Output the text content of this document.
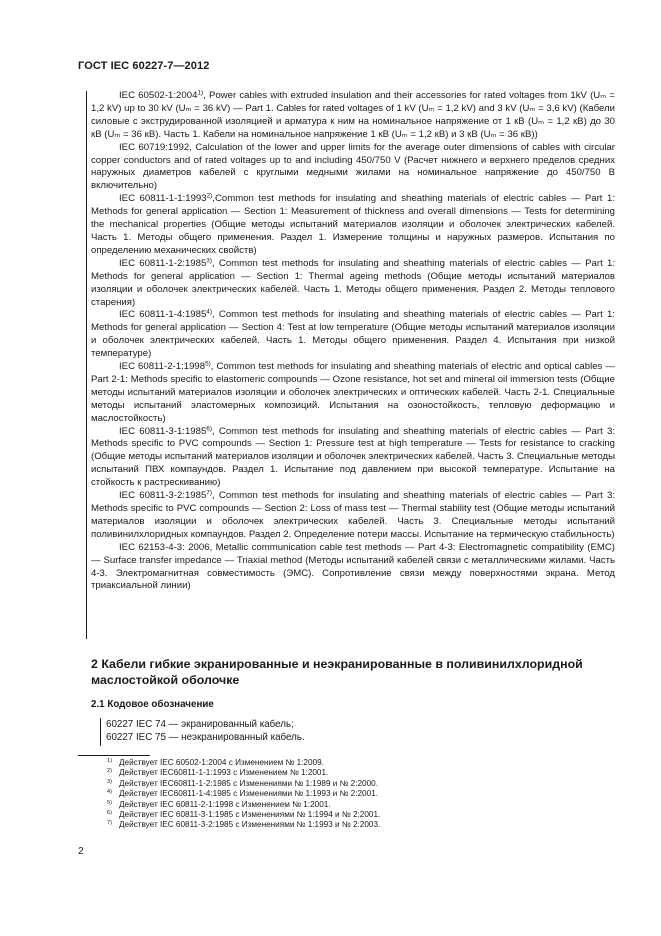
ГОСТ IEC 60227-7—2012

IEC 60502-1:2004$^{1)}$, Power cables with extruded insulation and their accessories for rated voltages from 1kV (Uₘ = 1,2 kV) up to 30 kV (Uₘ = 36 kV) — Part 1. Cables for rated voltages of 1 kV (Uₘ = 1,2 kV) and 3 kV (Uₘ = 3,6 kV) (Кабели силовые с экструдированной изоляцией и арматура к ним на номинальное напряжение от 1 кВ (Uₘ = 1,2 кВ) до 30 кВ (Uₘ = 36 кВ). Часть 1. Кабели на номинальное напряжение 1 кВ (Uₘ = 1,2 кВ) и 3 кВ (Uₘ = 36 кВ))

IEC 60719:1992, Calculation of the lower and upper limits for the average outer dimensions of cables with circular copper conductors and of rated voltages up to and including 450/750 V (Расчет нижнего и верхнего пределов средних наружных диаметров кабелей с круглыми медными жилами на номинальное напряжение до 450/750 В включительно)

IEC 60811-1-1:1993$^{2)}$,Common test methods for insulating and sheathing materials of electric cables — Part 1: Methods for general application — Section 1: Measurement of thickness and overall dimensions — Tests for determining the mechanical properties (Общие методы испытаний материалов изоляции и оболочек электрических кабелей. Часть 1. Методы общего применения. Раздел 1. Измерение толщины и наружных размеров. Испытания по определению механических свойств)

IEC 60811-1-2:1985$^{3)}$, Common test methods for insulating and sheathing materials of electric cables — Part 1: Methods for general application — Section 1: Thermal ageing methods (Общие методы испытаний материалов изоляции и оболочек электрических кабелей. Часть 1. Методы общего применения. Раздел 2. Методы теплового старения)

IEC 60811-1-4:1985$^{4)}$, Common test methods for insulating and sheathing materials of electric cables — Part 1: Methods for general application — Section 4: Test at low temperature (Общие методы испытаний материалов изоляции и оболочек электрических кабелей. Часть 1. Методы общего применения. Раздел 4. Испытания при низкой температуре)

IEC 60811-2-1:1998$^{5)}$, Common test methods for insulating and sheathing materials of electric and optical cables — Part 2-1: Methods specific to elastomeric compounds — Ozone resistance, hot set and mineral oil immersion tests (Общие методы испытаний материалов изоляции и оболочек электрических и оптических кабелей. Часть 2-1. Специальные методы испытаний эластомерных композиций. Испытания на озоностойкость, тепловую деформацию и маслостойкость)

IEC 60811-3-1:1985$^{6)}$, Common test methods for insulating and sheathing materials of electric cables — Part 3: Methods specific to PVC compounds — Section 1: Pressure test at high temperature — Tests for resistance to cracking (Общие методы испытаний материалов изоляции и оболочек электрических кабелей. Часть 3. Специальные методы испытаний ПВХ компаундов. Раздел 1. Испытание под давлением при высокой температуре. Испытание на стойкость к растрескиванию)

IEC 60811-3-2:1985$^{7)}$, Common test methods for insulating and sheathing materials of electric cables — Part 3: Methods specific to PVC compounds — Section 2: Loss of mass test — Thermal stability test (Общие методы испытаний материалов изоляции и оболочек электрических кабелей. Часть 3. Специальные методы испытаний поливинилхлоридных компаундов. Раздел 2. Определение потери массы. Испытание на термическую стабильность)

IEC 62153-4-3: 2006, Metallic communication cable test methods — Part 4-3: Electromagnetic compatibility (EMC) — Surface transfer impedance — Triaxial method (Методы испытаний кабелей связи с металлическими жилами. Часть 4-3. Электромагнитная совместимость (ЭМС). Сопротивление связи между поверхностями экрана. Метод триаксиальной линии)

2 Кабели гибкие экранированные и неэкранированные в поливинилхлоридной маслостойкой оболочке
2.1 Кодовое обозначение

60227 IEC 74 — экранированный кабель;

60227 IEC 75 — неэкранированный кабель.

$^{1)}$ Действует IEC 60502-1:2004 с Изменением № 1:2009.

$^{2)}$ Действует IEC60811-1-1:1993 с Изменением № 1:2001.

$^{3)}$ Действует IEC60811-1-2:1985 с Изменениями № 1:1989 и № 2:2000.

$^{4)}$ Действует IEC60811-1-4:1985 с Изменениями № 1:1993 и № 2:2001.

$^{5)}$ Действует IEC 60811-2-1:1998 с Изменением № 1:2001.

$^{6)}$ Действует IEC 60811-3-1:1985 с Изменениями № 1:1994 и № 2:2001.

$^{7)}$ Действует IEC 60811-3-2:1985 с Изменениями № 1:1993 и № 2:2003.

2
